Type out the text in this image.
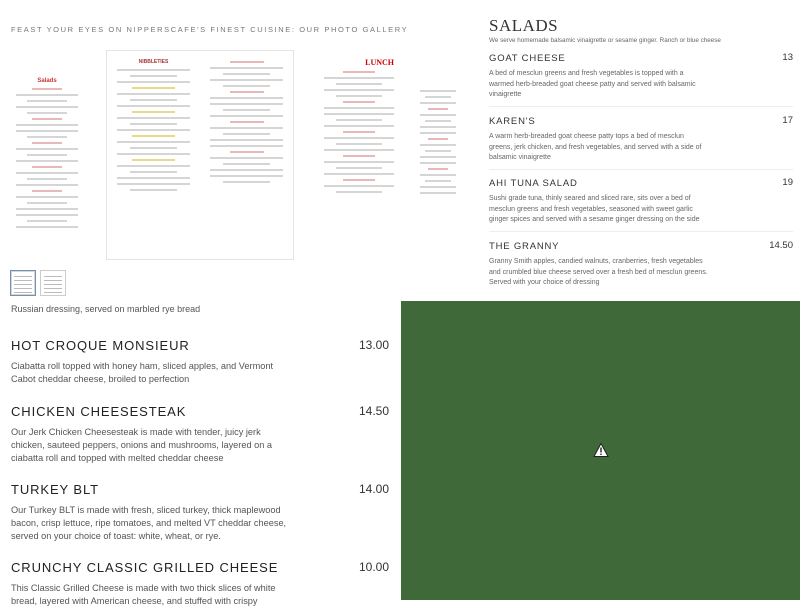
FEAST YOUR EYES ON NIPPERSCAFE'S FINEST CUISINE: OUR PHOTO GALLERY
Salads
NIBBLETIES	LUNCH
Russian dressing, served on marbled rye bread
HOT CROQUE MONSIEUR	13.00
Ciabatta roll topped with honey ham, sliced apples, and Vermont Cabot cheddar cheese, broiled to perfection
CHICKEN CHEESESTEAK	14.50
Our Jerk Chicken Cheesesteak is made with tender, juicy jerk chicken, sauteed peppers, onions and mushrooms, layered on a ciabatta roll and topped with melted cheddar cheese
TURKEY BLT	14.00
Our Turkey BLT is made with fresh, sliced turkey, thick maplewood bacon, crisp lettuce, ripe tomatoes, and melted VT cheddar cheese, served on your choice of toast: white, wheat, or rye.
CRUNCHY CLASSIC GRILLED CHEESE	10.00
This Classic Grilled Cheese is made with two thick slices of white bread, layered with American cheese, and stuffed with crispy
SALADS
We serve homemade balsamic vinaigrette or sesame ginger. Ranch or blue cheese
GOAT CHEESE	13
A bed of mesclun greens and fresh vegetables is topped with a warmed herb-breaded goat cheese patty and served with balsamic vinaigrette
KAREN'S	17
A warm herb-breaded goat cheese patty tops a bed of mesclun greens, jerk chicken, and fresh vegetables, and served with a side of balsamic vinaigrette
AHI TUNA SALAD	19
Sushi grade tuna, thinly seared and sliced rare, sits over a bed of mesclun greens and fresh vegetables, seasoned with sweet garlic ginger spices and served with a sesame ginger dressing on the side
THE GRANNY	14.50
Granny Smith apples, candied walnuts, cranberries, fresh vegetables and crumbled blue cheese served over a fresh bed of mesclun greens. Served with your choice of dressing
